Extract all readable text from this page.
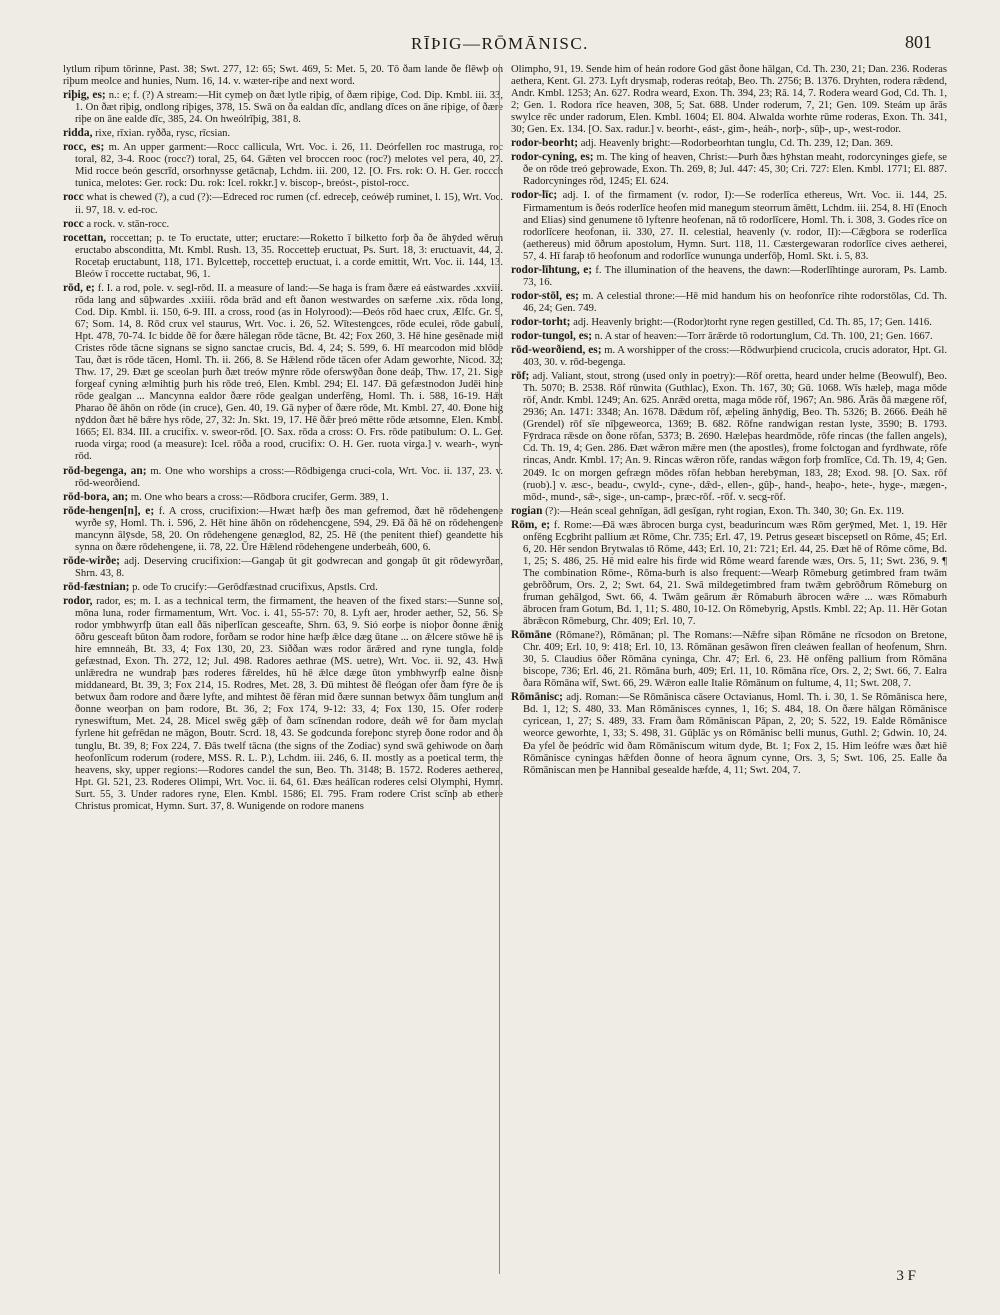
RĪÞIG—RŌMĀNISC.	801

lytlum riþum tōrinne, Past. 38; Swt. 277, 12: 65; Swt. 469, 5: Met. 5, 20. Tō ðam lande ðe flēwþ on riþum meolce and hunies, Num. 16, 14. v. wæter-riþe and next word.

riþig, es; n.: e; f. (?) A stream:—Hit cymeþ on ðæt lytle riþig, of ðæm riþige, Cod. Dip. Kmbl. iii. 33, 1. On ðæt riþig, ondlong riþiges, 378, 15. Swā on ða ealdan dīc, andlang dīces on āne riþige, of ðære riþe on āne ealde dīc, 385, 24. On hweólrīþig, 381, 8.

ridda, rixe, rīxian. ryðða, rysc, rīcsian.

rocc, es; m. An upper garment:—Rocc callicula, Wrt. Voc. i. 26, 11. Deórfellen roc mastruga, roc toral, 82, 3-4. Rooc (rocc?) toral, 25, 64. Gǣten vel broccen rooc (roc?) melotes vel pera, 40, 27. Mid rocce beón gescrīd, orsorhnysse getācnaþ, Lchdm. iii. 200, 12. [O. Frs. rok: O. H. Ger. roccch tunica, melotes: Ger. rock: Du. rok: Icel. rokkr.] v. biscop-, breóst-, pistol-rocc.

rocc what is chewed (?), a cud (?):—Edreced roc rumen (cf. edreceþ, ceówéþ ruminet, l. 15), Wrt. Voc. ii. 97, 18. v. ed-roc.

rocc a rock. v. stān-rocc.

rocettan, roccettan; p. te To eructate, utter; eructare:—Roketto ī bilketto forþ ða ðe āhȳded wērun eructabo absconditta, Mt. Kmbl. Rush. 13, 35. Roccetteþ eructuat, Ps. Surt. 18, 3: eructuavit, 44, 2. Rocetaþ eructabunt, 118, 171. Bylcetteþ, roccetteþ eructuat, i. a corde emittit, Wrt. Voc. ii. 144, 13. Bleów ī roccette ructabat, 96, 1.

rōd, e; f. I. a rod, pole. v. segl-rōd. II. a measure of land:—Se haga is fram ðære eá eástwardes .xxviii. rōda lang and sūþwardes .xxiiii. rōda brād and eft ðanon westwardes on sæferne .xix. rōda long, Cod. Dip. Kmbl. ii. 150, 6-9. III. a cross, rood (as in Holyrood):—Ðeós rōd haec crux, Ælfc. Gr. 9, 67; Som. 14, 8. Rōd crux vel staurus, Wrt. Voc. i. 26, 52. Wītestengces, rōde eculei, rōde gabuli, Hpt. 478, 70-74. Ic bidde ðē for ðære hālegan rōde tācne, Bt. 42; Fox 260, 3. Hē hine gesēnade mid Cristes rōde tācne signans se signo sanctae crucis, Bd. 4, 24; S. 599, 6. Hī mearcodon mid blōde Tau, ðæt is rōde tācen, Homl. Th. ii. 266, 8. Se Hǣlend rōde tācen ofer Adam geworhte, Nicod. 32; Thw. 17, 29. Ðæt ge sceolan þurh ðæt treów mȳnre rōde oferswȳðan ðone deáþ, Thw. 17, 21. Sige forgeaf cyning ælmihtig þurh his rōde treó, Elen. Kmbl. 294; El. 147. Ðā gefæstnodon Judēi hine rōde gealgan ... Mancynna ealdor ðære rōde gealgan underfēng, Homl. Th. i. 588, 16-19. Hǣt Pharao ðē āhōn on rōde (in cruce), Gen. 40, 19. Gā nyþer of ðære rōde, Mt. Kmbl. 27, 40. Ðone hig nȳddon ðæt hē bǣre hys rōde, 27, 32: Jn. Skt. 19, 17. Hē ðǣr þreó mētte rōde ætsomne, Elen. Kmbl. 1665; El. 834. III. a crucifix. v. sweor-rōd. [O. Sax. rōda a cross: O. Frs. rōde patibulum: O. L. Ger. ruoda virga; rood (a measure): Icel. rōða a rood, crucifix: O. H. Ger. ruota virga.] v. wearh-, wyn-rōd.

rōd-begenga, an; m. One who worships a cross:—Rōdbigenga cruci-cola, Wrt. Voc. ii. 137, 23. v. rōd-weorðiend.

rōd-bora, an; m. One who bears a cross:—Rōdbora crucifer, Germ. 389, 1.

rōde-hengen[n], e; f. A cross, crucifixion:—Hwæt hæfþ ðes man gefremod, ðæt hē rōdehengene wyrðe sȳ, Homl. Th. i. 596, 2. Hēt hine āhōn on rōdehencgene, 594, 29. Ðā ðā hē on rōdehengene mancynn ālȳsde, 58, 20. On rōdehengene genæglod, 82, 25. Hē (the penitent thief) geandette his synna on ðære rōdehengene, ii. 78, 22. Ūre Hǣlend rōdehengene underbeáh, 600, 6.

rōde-wirðe; adj. Deserving crucifixion:—Gangaþ ūt git godwrecan and gongaþ ūt git rōdewyrðan, Shrn. 43, 8.

rōd-fæstnian; p. ode To crucify:—Gerōdfæstnad crucifixus, Apstls. Crd.

rodor, rador, es; m. I. as a technical term, the firmament, the heaven of the fixed stars:—Sunne sol, mōna luna, roder firmamentum, Wrt. Voc. i. 41, 55-57: 70, 8. Lyft aer, hroder aether, 52, 56. Se rodor ymbhwyrfþ ūtan eall ðās niþerlīcan gesceafte, Shrn. 63, 9. Sió eorþe is nioþor ðonne ǣnig ōðru gesceaft būton ðam rodore, forðam se rodor hine hæfþ ǣlce dæg ūtane ... on ǣlcere stōwe hē is hire emnneáh, Bt. 33, 4; Fox 130, 20, 23. Siððan wæs rodor ārǣred and ryne tungla, folde gefæstnad, Exon. Th. 272, 12; Jul. 498. Radores aethrae (MS. uetre), Wrt. Voc. ii. 92, 43. Hwā unlǣredra ne wundraþ þæs roderes fǣreldes, hū hē ǣlce dæge ūton ymbhwyrfþ ealne ðisne middaneard, Bt. 39, 3; Fox 214, 15. Rodres, Met. 28, 3. Ðū mihtest ðē fleógan ofer ðam fȳre ðe is betwux ðam rodore and ðære lyfte, and mihtest ðē fēran mid ðære sunnan betwyx ðām tunglum and ðonne weorþan on þam rodore, Bt. 36, 2; Fox 174, 9-12: 33, 4; Fox 130, 15. Ofer rodere ryneswiftum, Met. 24, 28. Micel swēg gǣþ of ðam scīnendan rodore, deáh wē for ðam myclan fyrlene hit gefrēdan ne māgon, Boutr. Scrd. 18, 43. Se godcunda foreþonc styreþ ðone rodor and ða tunglu, Bt. 39, 8; Fox 224, 7. Ðās twelf tācna (the signs of the Zodiac) synd swā gehiwode on ðam heofonlīcum roderum (rodere, MSS. R. L. P.), Lchdm. iii. 246, 6. II. mostly as a poetical term, the heavens, sky, upper regions:—Rodores candel the sun, Beo. Th. 3148; B. 1572. Roderes aetherea, Hpt. Gl. 521, 23. Roderes Olimpi, Wrt. Voc. ii. 64, 61. Ðæs heálīcan roderes celsi Olymphi, Hymn. Surt. 55, 3. Under radores ryne, Elen. Kmbl. 1586; El. 795. Fram rodere Crist scīnþ ab ethere Christus promicat, Hymn. Surt. 37, 8. Wunigende on rodore manens

Olimpho, 91, 19. Sende him of heán rodore God gāst ðone hālgan, Cd. Th. 230, 21; Dan. 236. Roderas aethera, Kent. Gl. 273. Lyft drysmaþ, roderas reótaþ, Beo. Th. 2756; B. 1376. Dryhten, rodera rǣdend, Andr. Kmbl. 1253; An. 627. Rodra weard, Exon. Th. 394, 23; Rā. 14, 7. Rodera weard God, Cd. Th. 1, 2; Gen. 1. Rodora rīce heaven, 308, 5; Sat. 688. Under roderum, 7, 21; Gen. 109. Steám up ārās swylce rēc under radorum, Elen. Kmbl. 1604; El. 804. Alwalda worhte rūme roderas, Exon. Th. 341, 30; Gen. Ex. 134. [O. Sax. radur.] v. beorht-, eást-, gim-, heáh-, norþ-, sūþ-, up-, west-rodor.

rodor-beorht; adj. Heavenly bright:—Rodorbeorhtan tunglu, Cd. Th. 239, 12; Dan. 369.

rodor-cyning, es; m. The king of heaven, Christ:—Þurh ðæs hȳhstan meaht, rodorcyninges giefe, se ðe on rōde treó geþrowade, Exon. Th. 269, 8; Jul. 447: 45, 30; Cri. 727: Elen. Kmbl. 1771; El. 887. Radorcyninges rōd, 1245; El. 624.

rodor-līc; adj. I. of the firmament (v. rodor, I):—Se roderlīca ethereus, Wrt. Voc. ii. 144, 25. Firmamentum is ðeós roderlīce heofen mid manegum steorrum āmētt, Lchdm. iii. 254, 8. Hī (Enoch and Elias) sind genumene tō lyftenre heofenan, nā tō rodorlīcere, Homl. Th. i. 308, 3. Godes rīce on rodorlīcere heofonan, ii. 330, 27. II. celestial, heavenly (v. rodor, II):—Cǣgbora se roderlīca (aethereus) mid ōðrum apostolum, Hymn. Surt. 118, 11. Cæstergewaran rodorlīce cives aetherei, 57, 4. Hī faraþ tō heofonum and rodorlīce wununga underfōþ, Homl. Skt. i. 5, 83.

rodor-līhtung, e; f. The illumination of the heavens, the dawn:—Roderlīhtinge auroram, Ps. Lamb. 73, 16.

rodor-stōl, es; m. A celestial throne:—Hē mid handum his on heofonrīce rihte rodorstōlas, Cd. Th. 46, 24; Gen. 749.

rodor-torht; adj. Heavenly bright:—(Rodor)torht ryne regen gestilled, Cd. Th. 85, 17; Gen. 1416.

rodor-tungol, es; n. A star of heaven:—Torr ārǣrde tō rodortunglum, Cd. Th. 100, 21; Gen. 1667.

rōd-weorðiend, es; m. A worshipper of the cross:—Rōdwurþiend crucicola, crucis adorator, Hpt. Gl. 403, 30. v. rōd-begenga.

rōf; adj. Valiant, stout, strong (used only in poetry):—Rōf oretta, heard under helme (Beowulf), Beo. Th. 5070; B. 2538. Rōf rūnwita (Guthlac), Exon. Th. 167, 30; Gū. 1068. Wīs hæleþ, maga mōde rōf, Andr. Kmbl. 1249; An. 625. Anrǣd oretta, maga mōde rōf, 1967; An. 986. Ārās ðā mægene rōf, 2936; An. 1471: 3348; An. 1678. Dǣdum rōf, æþeling ānhȳdig, Beo. Th. 5326; B. 2666. Ðeáh hē (Grendel) rōf sīe nīþgeweorca, 1369; B. 682. Rōfne randwigan restan lyste, 3590; B. 1793. Fȳrdraca rǣsde on ðone rōfan, 5373; B. 2690. Hæleþas heardmōde, rōfe rincas (the fallen angels), Cd. Th. 19, 4; Gen. 286. Ðæt wǣron mǣre men (the apostles), frome folctogan and fyrdhwate, rōfe rincas, Andr. Kmbl. 17; An. 9. Rincas wǣron rōfe, randas wǣgon forþ fromlīce, Cd. Th. 19, 4; Gen. 2049. Ic on morgen gefrægn mōdes rōfan hebban herebȳman, 183, 28; Exod. 98. [O. Sax. rōf (ruob).] v. æsc-, beadu-, cwyld-, cyne-, dǣd-, ellen-, gūþ-, hand-, heaþo-, hete-, hyge-, mægen-, mōd-, mund-, sǣ-, sige-, un-camp-, þræc-rōf. -rōf. v. secg-rōf.

rogian (?):—Heán sceal gehnīgan, ādl gesīgan, ryht rogian, Exon. Th. 340, 30; Gn. Ex. 119.

Rōm, e; f. Rome:—Ðā wæs ābrocen burga cyst, beadurincum wæs Rōm gerȳmed, Met. 1, 19. Hēr onfēng Ecgbriht pallium æt Rōme, Chr. 735; Erl. 47, 19. Petrus geseæt biscepsetl on Rōme, 45; Erl. 6, 20. Hēr sendon Brytwalas tō Rōme, 443; Erl. 10, 21: 721; Erl. 44, 25. Ðæt hē of Rōme cōme, Bd. 1, 25; S. 486, 25. Hē mid ealre his firde wid Rōme weard farende wæs, Ors. 5, 11; Swt. 236, 9. ¶ The combination Rōme-, Rōma-burh is also frequent:—Wearþ Rōmeburg getimbred fram twām gebrōðrum, Ors. 2, 2; Swt. 64, 21. Swā mildegetimbred fram twǣm gebrōðrum Rōmeburg on fruman gehālgod, Swt. 66, 4. Twām geārum ǣr Rōmaburh ābrocen wǣre ... wæs Rōmaburh ābrocen fram Gotum, Bd. 1, 11; S. 480, 10-12. On Rōmebyrig, Apstls. Kmbl. 22; Ap. 11. Hēr Gotan ābrǣcon Rōmeburg, Chr. 409; Erl. 10, 7.

Rōmāne (Rōmane?), Rōmānan; pl. The Romans:—Nǣfre siþan Rōmāne ne rīcsodon on Bretone, Chr. 409; Erl. 10, 9: 418; Erl. 10, 13. Rōmānan gesāwon fīren cleáwen feallan of heofenum, Shrn. 30, 5. Claudius ōðer Rōmāna cyninga, Chr. 47; Erl. 6, 23. Hē onfēng pallium from Rōmāna biscope, 736; Erl. 46, 21. Rōmāna burh, 409; Erl. 11, 10. Rōmāna rīce, Ors. 2, 2; Swt. 66, 7. Ealra ðara Rōmāna wīf, Swt. 66, 29. Wǣron ealle Italie Rōmānum on fultume, 4, 11; Swt. 208, 7.

Rōmānisc; adj. Roman:—Se Rōmānisca cāsere Octavianus, Homl. Th. i. 30, 1. Se Rōmānisca here, Bd. 1, 12; S. 480, 33. Man Rōmānisces cynnes, 1, 16; S. 484, 18. On ðære hālgan Rōmānisce cyricean, 1, 27; S. 489, 33. Fram ðam Rōmāniscan Pāpan, 2, 20; S. 522, 19. Ealde Rōmānisce weorce geworhte, 1, 33; S. 498, 31. Gūþlāc ys on Rōmānisc belli munus, Guthl. 2; Gdwin. 10, 24. Ða yfel ðe þeódrīc wid ðam Rōmāniscum witum dyde, Bt. 1; Fox 2, 15. Him leófre wæs ðæt hiē Rōmānisce cyningas hǣfden ðonne of heora āgnum cynne, Ors. 3, 5; Swt. 106, 25. Ealle ða Rōmāniscan men þe Hannibal gesealde hæfde, 4, 11; Swt. 204, 7.

3 F
